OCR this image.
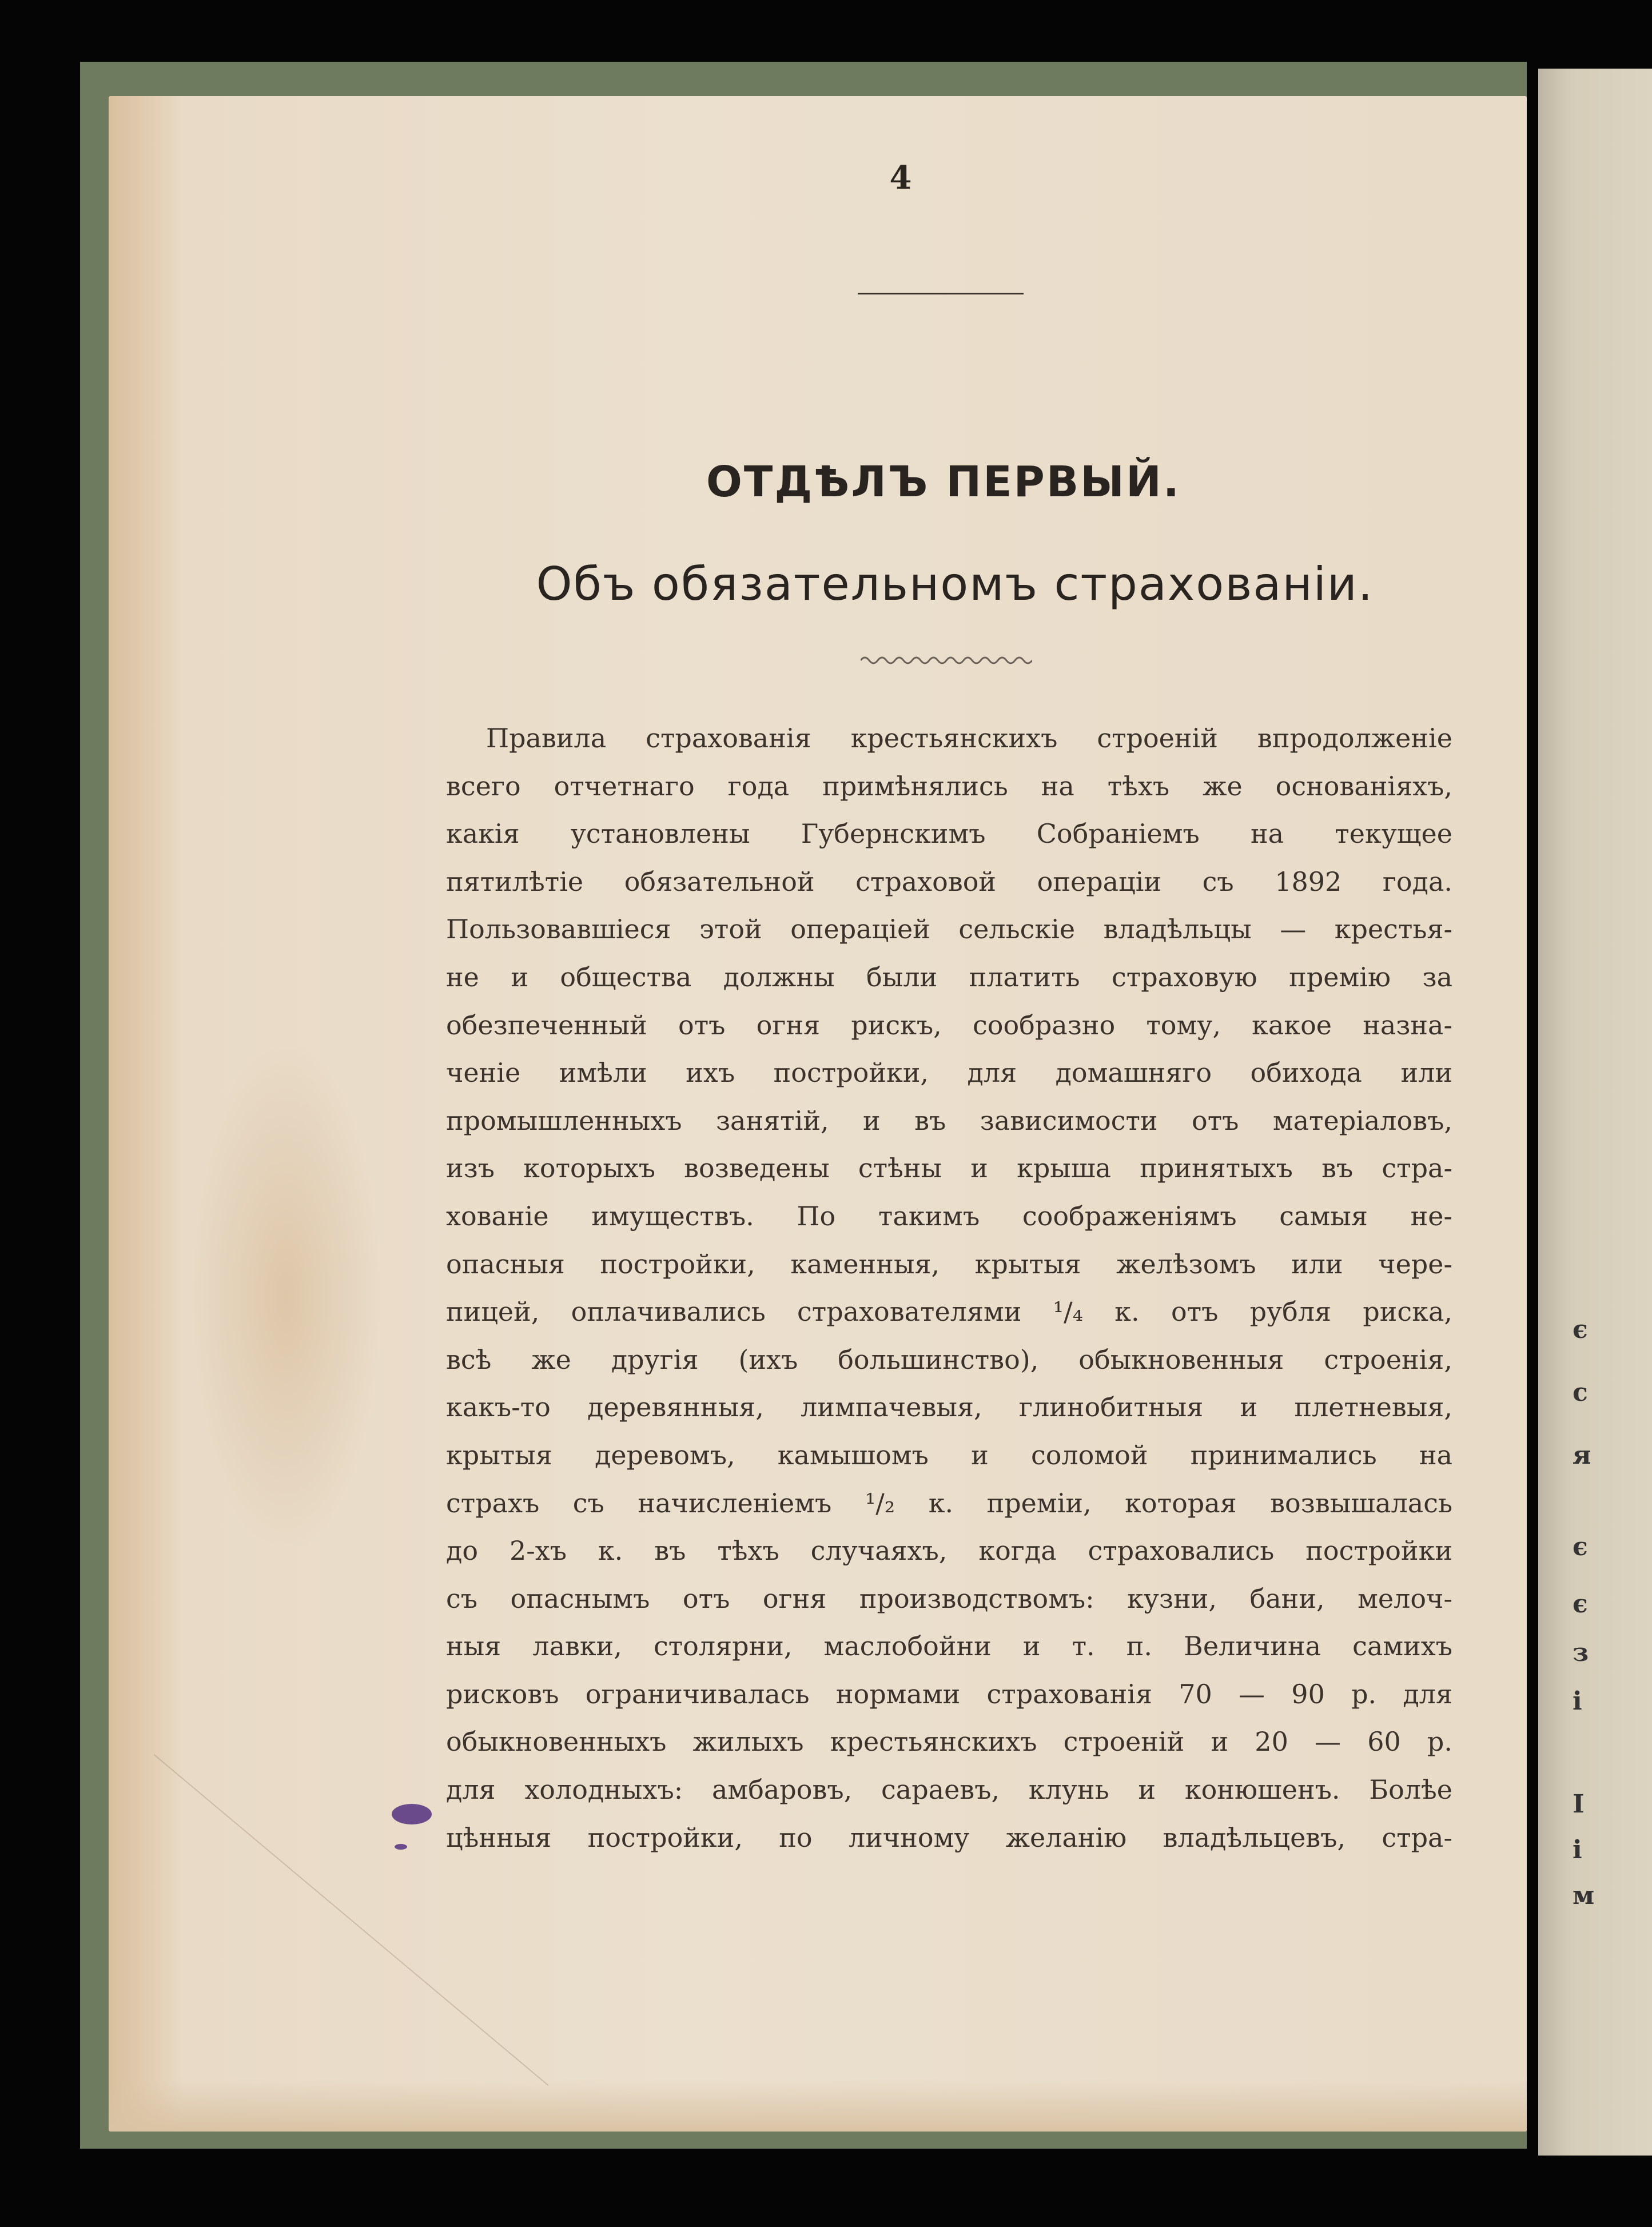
є
с
я
є
є
з
і
І
і
м
4
ОТДѢЛЪ ПЕРВЫЙ.
Объ обязательномъ страхованіи.
Правила страхованія крестьянскихъ строеній впродолженіе
всего отчетнаго года примѣнялись на тѣхъ же основаніяхъ,
какія установлены Губернскимъ Собраніемъ на текущее
пятилѣтіе обязательной страховой операціи съ 1892 года.
Пользовавшіеся этой операціей сельскіе владѣльцы — крестья-
не и общества должны были платить страховую премію за
обезпеченный отъ огня рискъ, сообразно тому, какое назна-
ченіе имѣли ихъ постройки, для домашняго обихода или
промышленныхъ занятій, и въ зависимости отъ матеріаловъ,
изъ которыхъ возведены стѣны и крыша принятыхъ въ стра-
хованіе имуществъ. По такимъ соображеніямъ самыя не-
опасныя постройки, каменныя, крытыя желѣзомъ или чере-
пицей, оплачивались страхователями ¹/₄ к. отъ рубля риска,
всѣ же другія (ихъ большинство), обыкновенныя строенія,
какъ-то деревянныя, лимпачевыя, глинобитныя и плетневыя,
крытыя деревомъ, камышомъ и соломой принимались на
страхъ съ начисленіемъ ¹/₂ к. преміи, которая возвышалась
до 2-хъ к. въ тѣхъ случаяхъ, когда страховались постройки
съ опаснымъ отъ огня производствомъ: кузни, бани, мелоч-
ныя лавки, столярни, маслобойни и т. п. Величина самихъ
рисковъ ограничивалась нормами страхованія 70 — 90 р. для
обыкновенныхъ жилыхъ крестьянскихъ строеній и 20 — 60 р.
для холодныхъ: амбаровъ, сараевъ, клунь и конюшенъ. Болѣе
цѣнныя постройки, по личному желанію владѣльцевъ, стра-
